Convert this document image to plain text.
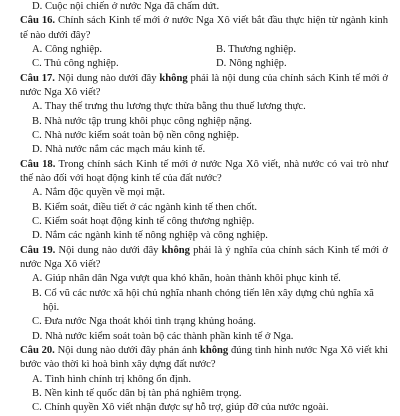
D. Cuộc nội chiến ở nước Nga đã chấm dứt.
Câu 16. Chính sách Kinh tế mới ở nước Nga Xô viết bắt đầu thực hiện từ ngành kinh tế nào dưới đây?
A. Công nghiệp.	B. Thương nghiệp.
C. Thủ công nghiệp.	D. Nông nghiệp.
Câu 17. Nội dung nào dưới đây không phải là nội dung của chính sách Kinh tế mới ở nước Nga Xô viết?
A. Thay thế trưng thu lương thực thừa bằng thu thuế lương thực.
B. Nhà nước tập trung khôi phục công nghiệp nặng.
C. Nhà nước kiểm soát toàn bộ nền công nghiệp.
D. Nhà nước nắm các mạch máu kinh tế.
Câu 18. Trong chính sách Kinh tế mới ở nước Nga Xô viết, nhà nước có vai trò như thế nào đối với hoạt động kinh tế của đất nước?
A. Nắm độc quyền về mọi mặt.
B. Kiểm soát, điều tiết ở các ngành kinh tế then chốt.
C. Kiểm soát hoạt động kinh tế công thương nghiệp.
D. Nắm các ngành kinh tế nông nghiệp và công nghiệp.
Câu 19. Nội dung nào dưới đây không phải là ý nghĩa của chính sách Kinh tế mới ở nước Nga Xô viết?
A. Giúp nhân dân Nga vượt qua khó khăn, hoàn thành khôi phục kinh tế.
B. Cổ vũ các nước xã hội chủ nghĩa nhanh chóng tiến lên xây dựng chủ nghĩa xã hội.
C. Đưa nước Nga thoát khỏi tình trạng khủng hoảng.
D. Nhà nước kiểm soát toàn bộ các thành phần kinh tế ở Nga.
Câu 20. Nội dung nào dưới đây phản ánh không đúng tình hình nước Nga Xô viết khi bước vào thời kì hoà bình xây dựng đất nước?
A. Tình hình chính trị không ổn định.
B. Nền kinh tế quốc dân bị tàn phá nghiêm trọng.
C. Chính quyền Xô viết nhận được sự hỗ trợ, giúp đỡ của nước ngoài.
